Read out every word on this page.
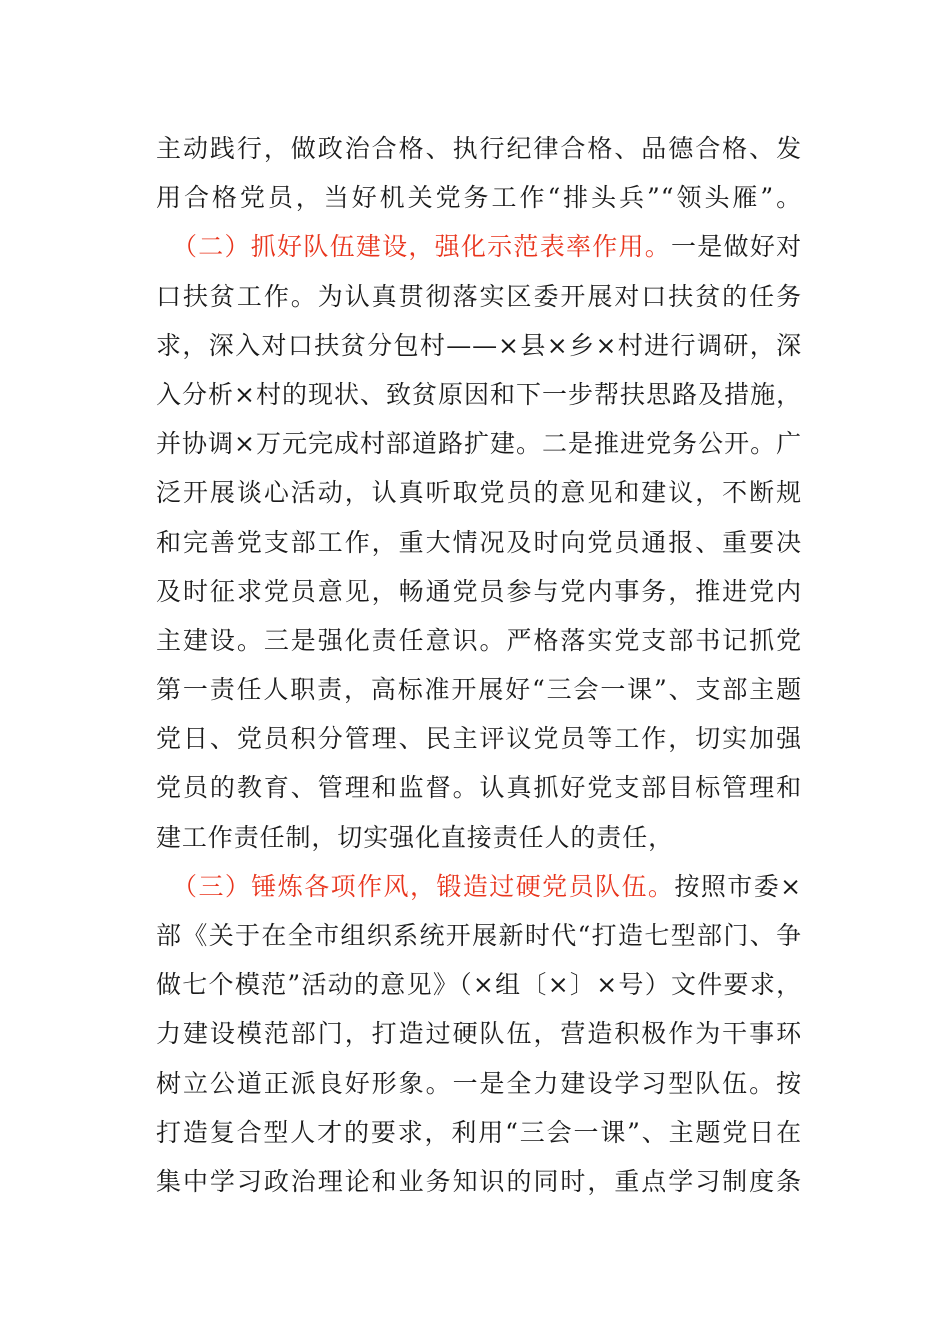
主动践行，做政治合格、执行纪律合格、品德合格、发
用合格党员，当好机关党务工作“排头兵”“领头雁”。
（二）抓好队伍建设，强化示范表率作用。一是做好对
口扶贫工作。为认真贯彻落实区委开展对口扶贫的任务
求，深入对口扶贫分包村——×县×乡×村进行调研，深
入分析×村的现状、致贫原因和下一步帮扶思路及措施，
并协调×万元完成村部道路扩建。二是推进党务公开。广
泛开展谈心活动，认真听取党员的意见和建议，不断规
和完善党支部工作，重大情况及时向党员通报、重要决
及时征求党员意见，畅通党员参与党内事务，推进党内
主建设。三是强化责任意识。严格落实党支部书记抓党
第一责任人职责，高标准开展好“三会一课”、支部主题
党日、党员积分管理、民主评议党员等工作，切实加强
党员的教育、管理和监督。认真抓好党支部目标管理和
建工作责任制，切实强化直接责任人的责任，
（三）锤炼各项作风，锻造过硬党员队伍。按照市委×
部《关于在全市组织系统开展新时代“打造七型部门、争
做七个模范”活动的意见》（×组〔×〕×号）文件要求，
力建设模范部门，打造过硬队伍，营造积极作为干事环
树立公道正派良好形象。一是全力建设学习型队伍。按
打造复合型人才的要求，利用“三会一课”、主题党日在
集中学习政治理论和业务知识的同时，重点学习制度条
